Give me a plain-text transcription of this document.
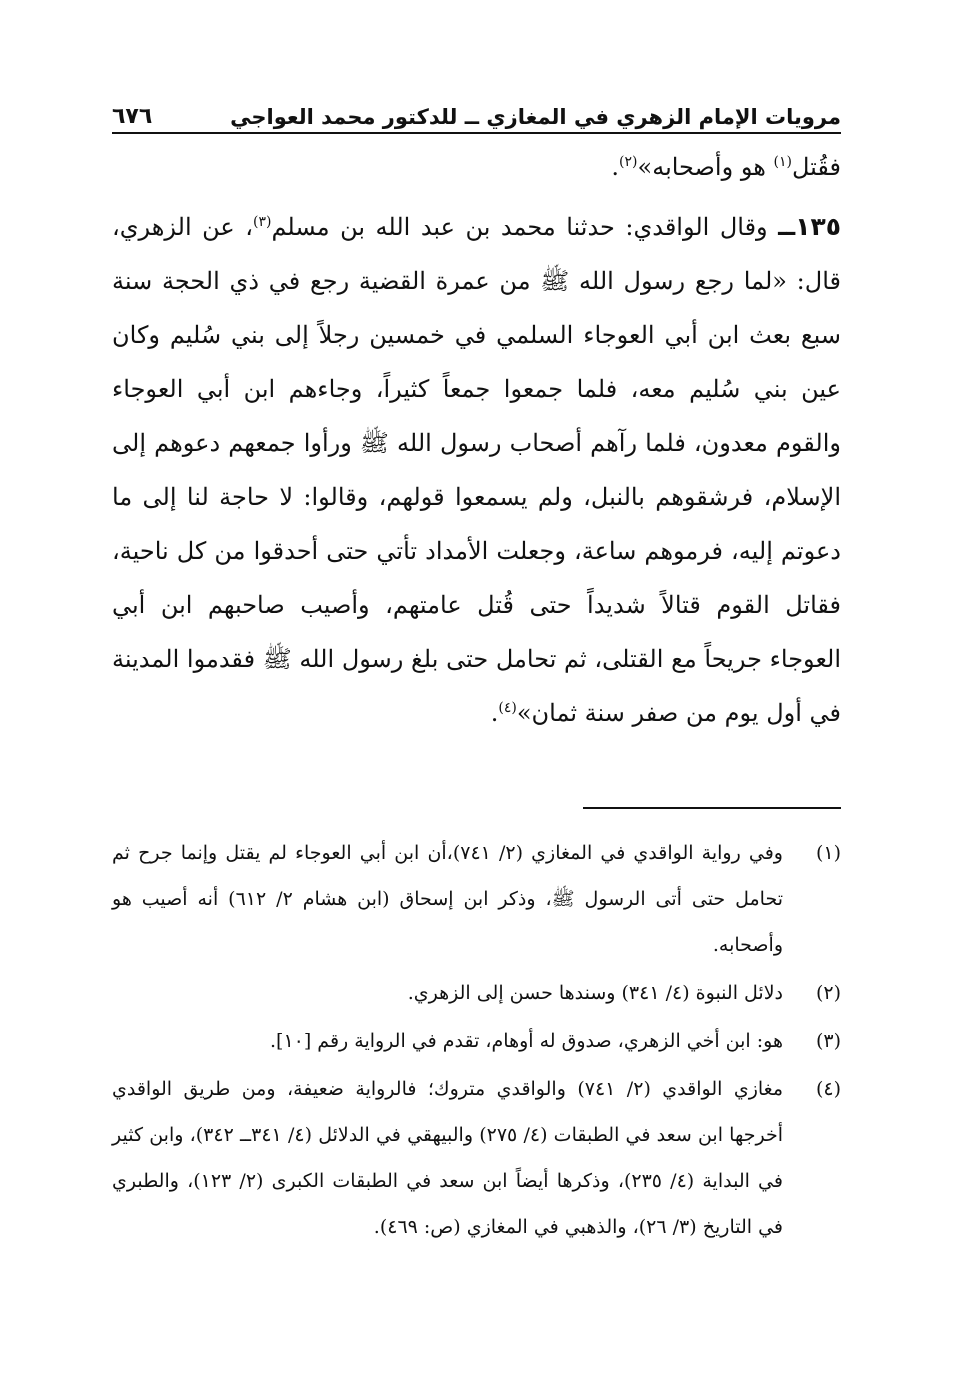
مرويات الإمام الزهري في المغازي ــ للدكتور محمد العواجي
٦٧٦

فقُتل$^{(١)}$ هو وأصحابه»$^{(٢)}$.

١٣٥ــ وقال الواقدي: حدثنا محمد بن عبد الله بن مسلم$^{(٣)}$، عن الزهري، قال: «لما رجع رسول الله ﷺ من عمرة القضية رجع في ذي الحجة سنة سبع بعث ابن أبي العوجاء السلمي في خمسين رجلاً إلى بني سُليم وكان عين بني سُليم معه، فلما جمعوا جمعاً كثيراً، وجاءهم ابن أبي العوجاء والقوم معدون، فلما رآهم أصحاب رسول الله ﷺ ورأوا جمعهم دعوهم إلى الإسلام، فرشقوهم بالنبل، ولم يسمعوا قولهم، وقالوا: لا حاجة لنا إلى ما دعوتم إليه، فرموهم ساعة، وجعلت الأمداد تأتي حتى أحدقوا من كل ناحية، فقاتل القوم قتالاً شديداً حتى قُتل عامتهم، وأصيب صاحبهم ابن أبي العوجاء جريحاً مع القتلى، ثم تحامل حتى بلغ رسول الله ﷺ فقدموا المدينة في أول يوم من صفر سنة ثمان»$^{(٤)}$.

(١)
وفي رواية الواقدي في المغازي (٢/ ٧٤١)،أن ابن أبي العوجاء لم يقتل وإنما جرح ثم تحامل حتى أتى الرسول ﷺ، وذكر ابن إسحاق (ابن هشام ٢/ ٦١٢) أنه أصيب هو وأصحابه.
(٢)
دلائل النبوة (٤/ ٣٤١) وسندها حسن إلى الزهري.
(٣)
هو: ابن أخي الزهري، صدوق له أوهام، تقدم في الرواية رقم [١٠].
(٤)
مغازي الواقدي (٢/ ٧٤١) والواقدي متروك؛ فالرواية ضعيفة، ومن طريق الواقدي أخرجها ابن سعد في الطبقات (٤/ ٢٧٥) والبيهقي في الدلائل (٤/ ٣٤١ــ ٣٤٢)، وابن كثير في البداية (٤/ ٢٣٥)، وذكرها أيضاً ابن سعد في الطبقات الكبرى (٢/ ١٢٣)، والطبري في التاريخ (٣/ ٢٦)، والذهبي في المغازي (ص: ٤٦٩).
